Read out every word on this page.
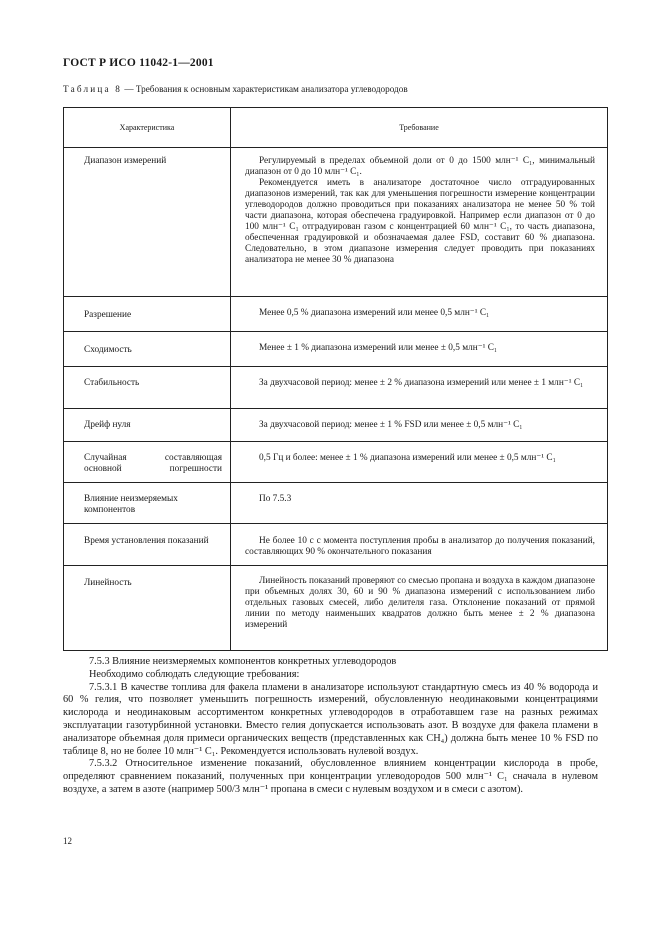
ГОСТ Р ИСО 11042-1—2001
Таблица 8 — Требования к основным характеристикам анализатора углеводородов
Характеристика	Требование
Диапазон измерений	Регулируемый в пределах объемной доли от 0 до 1500 млн⁻¹ C₁, минимальный диапазон от 0 до 10 млн⁻¹ C₁.

Рекомендуется иметь в анализаторе достаточное число отградуированных диапазонов измерений, так как для уменьшения погрешности измерение концентрации углеводородов должно проводиться при показаниях анализатора не менее 50 % той части диапазона, которая обеспечена градуировкой. Например если диапазон от 0 до 100 млн⁻¹ C₁ отградуирован газом с концентрацией 60 млн⁻¹ C₁, то часть диапазона, обеспеченная градуировкой и обозначаемая далее FSD, составит 60 % диапазона. Следовательно, в этом диапазоне измерения следует проводить при показаниях анализатора не менее 30 % диапазона

Разрешение	Менее 0,5 % диапазона измерений или менее 0,5 млн⁻¹ C₁

Сходимость	Менее ± 1 % диапазона измерений или менее ± 0,5 млн⁻¹ C₁

Стабильность	За двухчасовой период: менее ± 2 % диапазона измерений или менее ± 1 млн⁻¹ C₁

Дрейф нуля	За двухчасовой период: менее ± 1 % FSD или менее ± 0,5 млн⁻¹ C₁

Случайная составляющая основной погрешности	0,5 Гц и более: менее ± 1 % диапазона измерений или менее ± 0,5 млн⁻¹ C₁

Влияние неизмеряемых компонентов	По 7.5.3

Время установления показаний	Не более 10 с с момента поступления пробы в анализатор до получения показаний, составляющих 90 % окончательного показания

Линейность	Линейность показаний проверяют со смесью пропана и воздуха в каждом диапазоне при объемных долях 30, 60 и 90 % диапазона измерений с использованием либо отдельных газовых смесей, либо делителя газа. Отклонение показаний от прямой линии по методу наименьших квадратов должно быть менее ± 2 % диапазона измерений

7.5.3 Влияние неизмеряемых компонентов конкретных углеводородов

Необходимо соблюдать следующие требования:

7.5.3.1 В качестве топлива для факела пламени в анализаторе используют стандартную смесь из 40 % водорода и 60 % гелия, что позволяет уменьшить погрешность измерений, обусловленную неодинаковыми концентрациями кислорода и неодинаковым ассортиментом конкретных углеводородов в отработавшем газе на разных режимах эксплуатации газотурбинной установки. Вместо гелия допускается использовать азот. В воздухе для факела пламени в анализаторе объемная доля примеси органических веществ (представленных как CH₄) должна быть менее 10 % FSD по таблице 8, но не более 10 млн⁻¹ C₁. Рекомендуется использовать нулевой воздух.

7.5.3.2 Относительное изменение показаний, обусловленное влиянием концентрации кислорода в пробе, определяют сравнением показаний, полученных при концентрации углеводородов 500 млн⁻¹ C₁ сначала в нулевом воздухе, а затем в азоте (например 500/3 млн⁻¹ пропана в смеси с нулевым воздухом и в смеси с азотом).

12
